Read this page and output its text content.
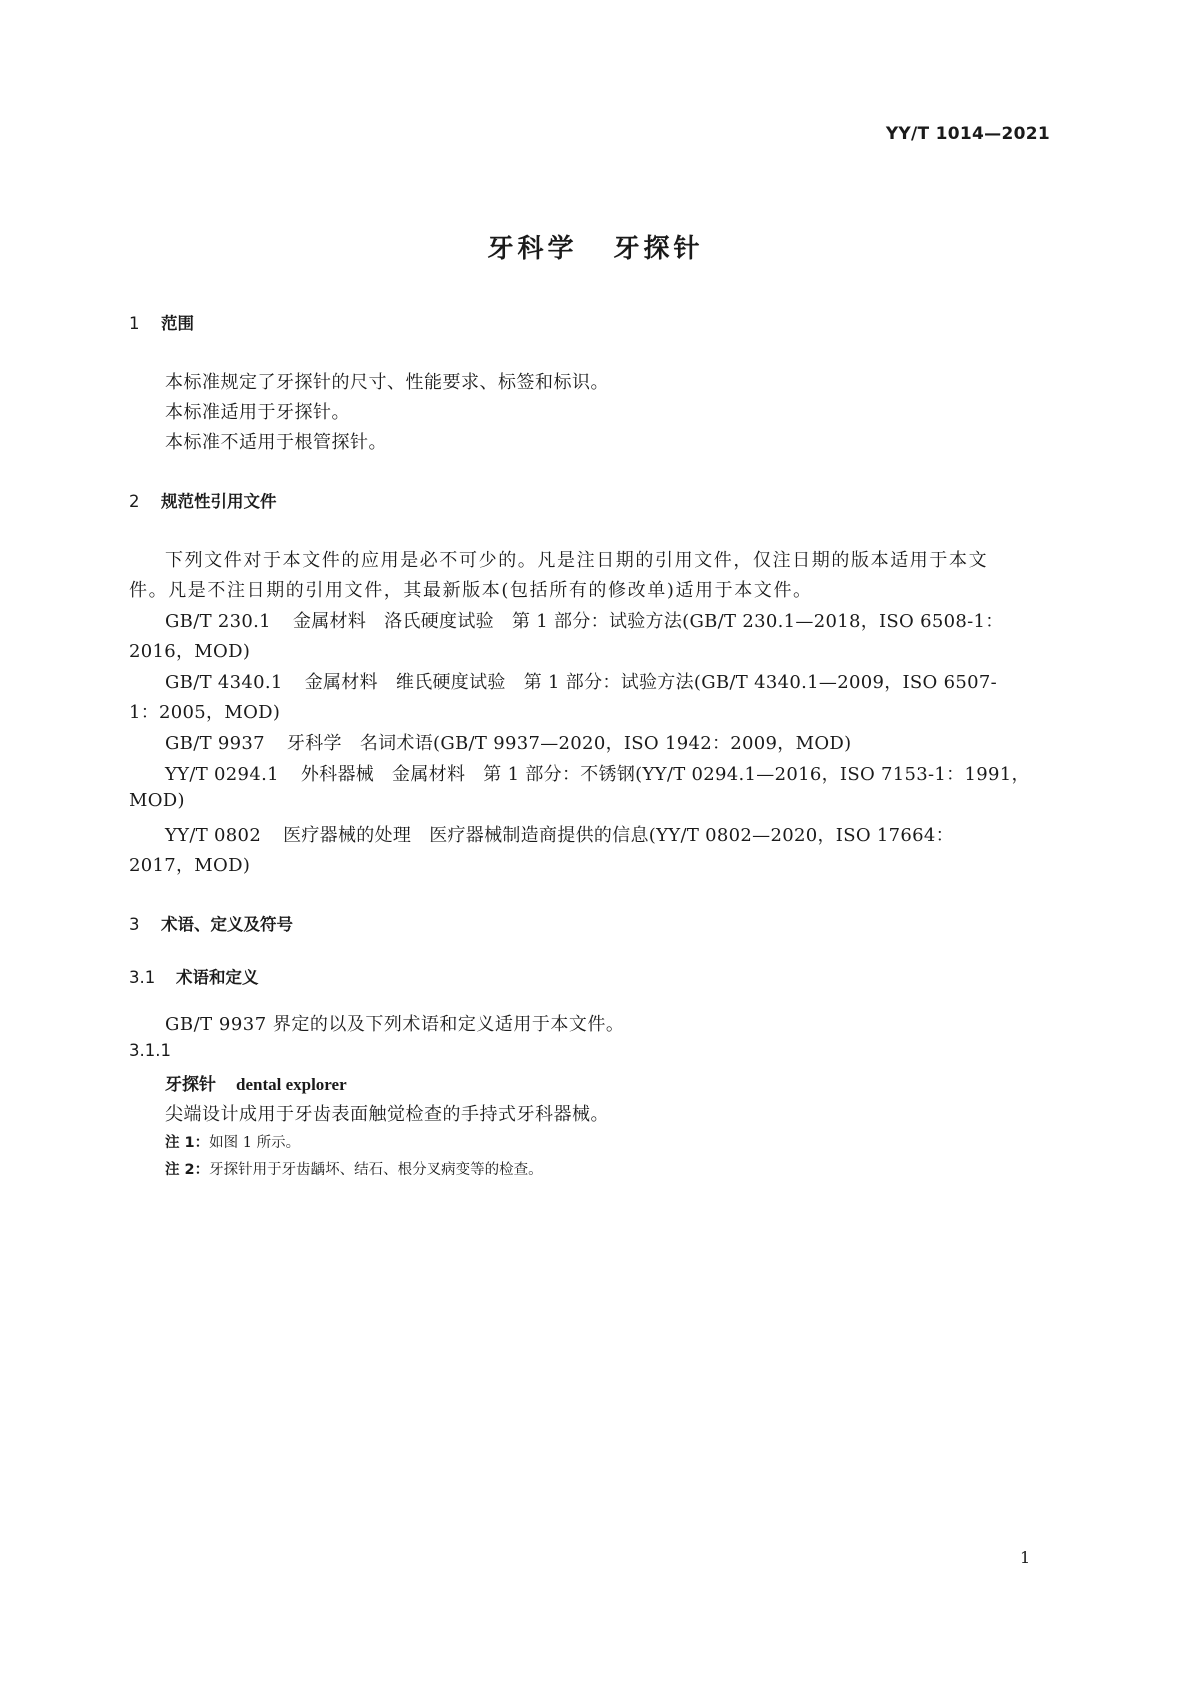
YY/T 1014—2021
牙科学 牙探针
1 范围
本标准规定了牙探针的尺寸、性能要求、标签和标识。
本标准适用于牙探针。
本标准不适用于根管探针。
2 规范性引用文件
下列文件对于本文件的应用是必不可少的。凡是注日期的引用文件，仅注日期的版本适用于本文
件。凡是不注日期的引用文件，其最新版本(包括所有的修改单)适用于本文件。
GB/T 230.1 金属材料 洛氏硬度试验 第 1 部分：试验方法(GB/T 230.1—2018，ISO 6508-1：
2016，MOD)
GB/T 4340.1 金属材料 维氏硬度试验 第 1 部分：试验方法(GB/T 4340.1—2009，ISO 6507-
1：2005，MOD)
GB/T 9937 牙科学 名词术语(GB/T 9937—2020，ISO 1942：2009，MOD)
YY/T 0294.1 外科器械 金属材料 第 1 部分：不锈钢(YY/T 0294.1—2016，ISO 7153-1：1991，
MOD)
YY/T 0802 医疗器械的处理 医疗器械制造商提供的信息(YY/T 0802—2020，ISO 17664：
2017，MOD)
3 术语、定义及符号
3.1 术语和定义
GB/T 9937 界定的以及下列术语和定义适用于本文件。
3.1.1
牙探针 dental explorer
尖端设计成用于牙齿表面触觉检查的手持式牙科器械。
注 1：如图 1 所示。
注 2：牙探针用于牙齿龋坏、结石、根分叉病变等的检查。
1
